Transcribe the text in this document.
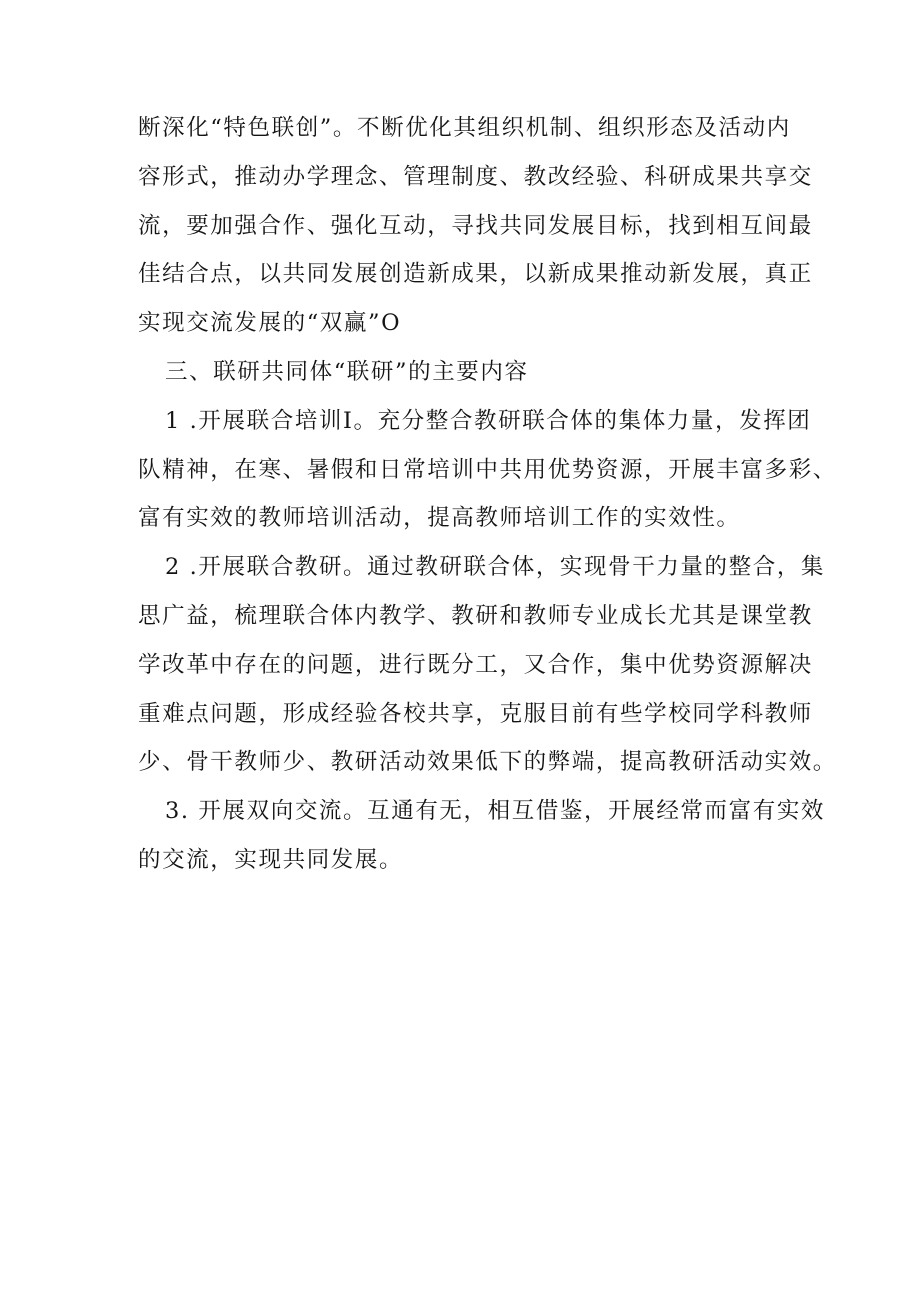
断深化“特色联创”。不断优化其组织机制、组织形态及活动内
容形式，推动办学理念、管理制度、教改经验、科研成果共享交
流，要加强合作、强化互动，寻找共同发展目标，找到相互间最
佳结合点，以共同发展创造新成果，以新成果推动新发展，真正
实现交流发展的“双赢”O
三、联研共同体“联研”的主要内容
1 .开展联合培训I。充分整合教研联合体的集体力量，发挥团
队精神，在寒、暑假和日常培训中共用优势资源，开展丰富多彩、
富有实效的教师培训活动，提高教师培训工作的实效性。
2 .开展联合教研。通过教研联合体，实现骨干力量的整合，集
思广益，梳理联合体内教学、教研和教师专业成长尤其是课堂教
学改革中存在的问题，进行既分工，又合作，集中优势资源解决
重难点问题，形成经验各校共享，克服目前有些学校同学科教师
少、骨干教师少、教研活动效果低下的弊端，提高教研活动实效。
3. 开展双向交流。互通有无，相互借鉴，开展经常而富有实效
的交流，实现共同发展。
